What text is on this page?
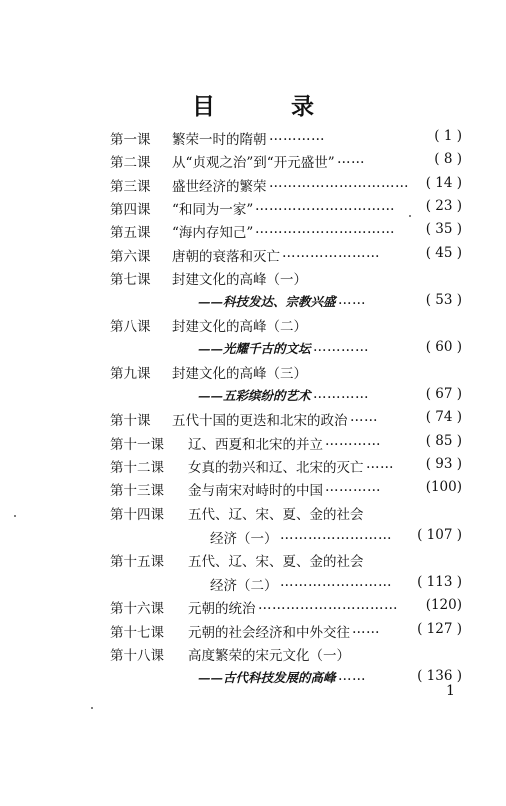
目 录
第一课 繁荣一时的隋朝 …………	( 1 )
第二课 从“贞观之治”到“开元盛世” ……	( 8 )
第三课 盛世经济的繁荣 …………………………	( 14 )
第四课 “和同为一家” …………………………	( 23 )
第五课 “海内存知己” …………………………	( 35 )
第六课 唐朝的衰落和灭亡 …………………	( 45 )
第七课 封建文化的高峰（一）
——科技发达、宗教兴盛 ……	( 53 )
第八课 封建文化的高峰（二）
——光耀千古的文坛 …………	( 60 )
第九课 封建文化的高峰（三）
——五彩缤纷的艺术 …………	( 67 )
第十课 五代十国的更迭和北宋的政治 ……	( 74 )
第十一课 辽、西夏和北宋的并立 …………	( 85 )
第十二课 女真的勃兴和辽、北宋的灭亡 ……	( 93 )
第十三课 金与南宋对峙时的中国 …………	(100)
第十四课 五代、辽、宋、夏、金的社会
经济（一） ……………………	( 107 )
第十五课 五代、辽、宋、夏、金的社会
经济（二） ……………………	( 113 )
第十六课 元朝的统治 …………………………	(120)
第十七课 元朝的社会经济和中外交往 ……	( 127 )
第十八课 高度繁荣的宋元文化（一）
——古代科技发展的高峰 ……	( 136 )
1
